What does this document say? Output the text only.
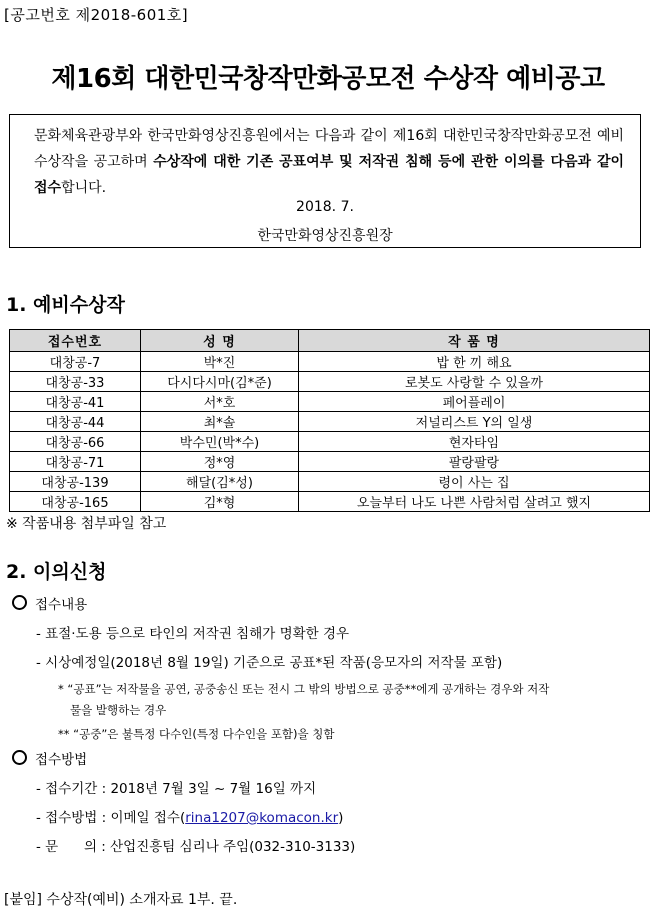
[공고번호 제2018-601호]
제16회 대한민국창작만화공모전 수상작 예비공고
문화체육관광부와 한국만화영상진흥원에서는 다음과 같이 제16회 대한민국창작만화공모전 예비 수상작을 공고하며 수상작에 대한 기존 공표여부 및 저작권 침해 등에 관한 이의를 다음과 같이 접수합니다.
2018. 7.
한국만화영상진흥원장
1. 예비수상작
접수번호	성 명	작 품 명
대창공-7	박*진	밥 한 끼 해요
대창공-33	다시다시마(김*준)	로봇도 사랑할 수 있을까
대창공-41	서*호	페어플레이
대창공-44	최*솔	저널리스트 Y의 일생
대창공-66	박수민(박*수)	현자타임
대창공-71	정*영	팔랑팔랑
대창공-139	해달(김*성)	령이 사는 집
대창공-165	김*형	오늘부터 나도 나쁜 사람처럼 살려고 했지
※ 작품내용 첨부파일 참고
2. 이의신청
접수내용
- 표절·도용 등으로 타인의 저작권 침해가 명확한 경우
- 시상예정일(2018년 8월 19일) 기준으로 공표*된 작품(응모자의 저작물 포함)
* “공표”는 저작물을 공연, 공중송신 또는 전시 그 밖의 방법으로 공중**에게 공개하는 경우와 저작
물을 발행하는 경우
** “공중”은 불특정 다수인(특정 다수인을 포함)을 칭함
접수방법
- 접수기간 : 2018년 7월 3일 ~ 7월 16일 까지
- 접수방법 : 이메일 접수(rina1207@komacon.kr)
- 문      의 : 산업진흥팀 심리나 주임(032-310-3133)
[붙임] 수상작(예비) 소개자료 1부. 끝.
